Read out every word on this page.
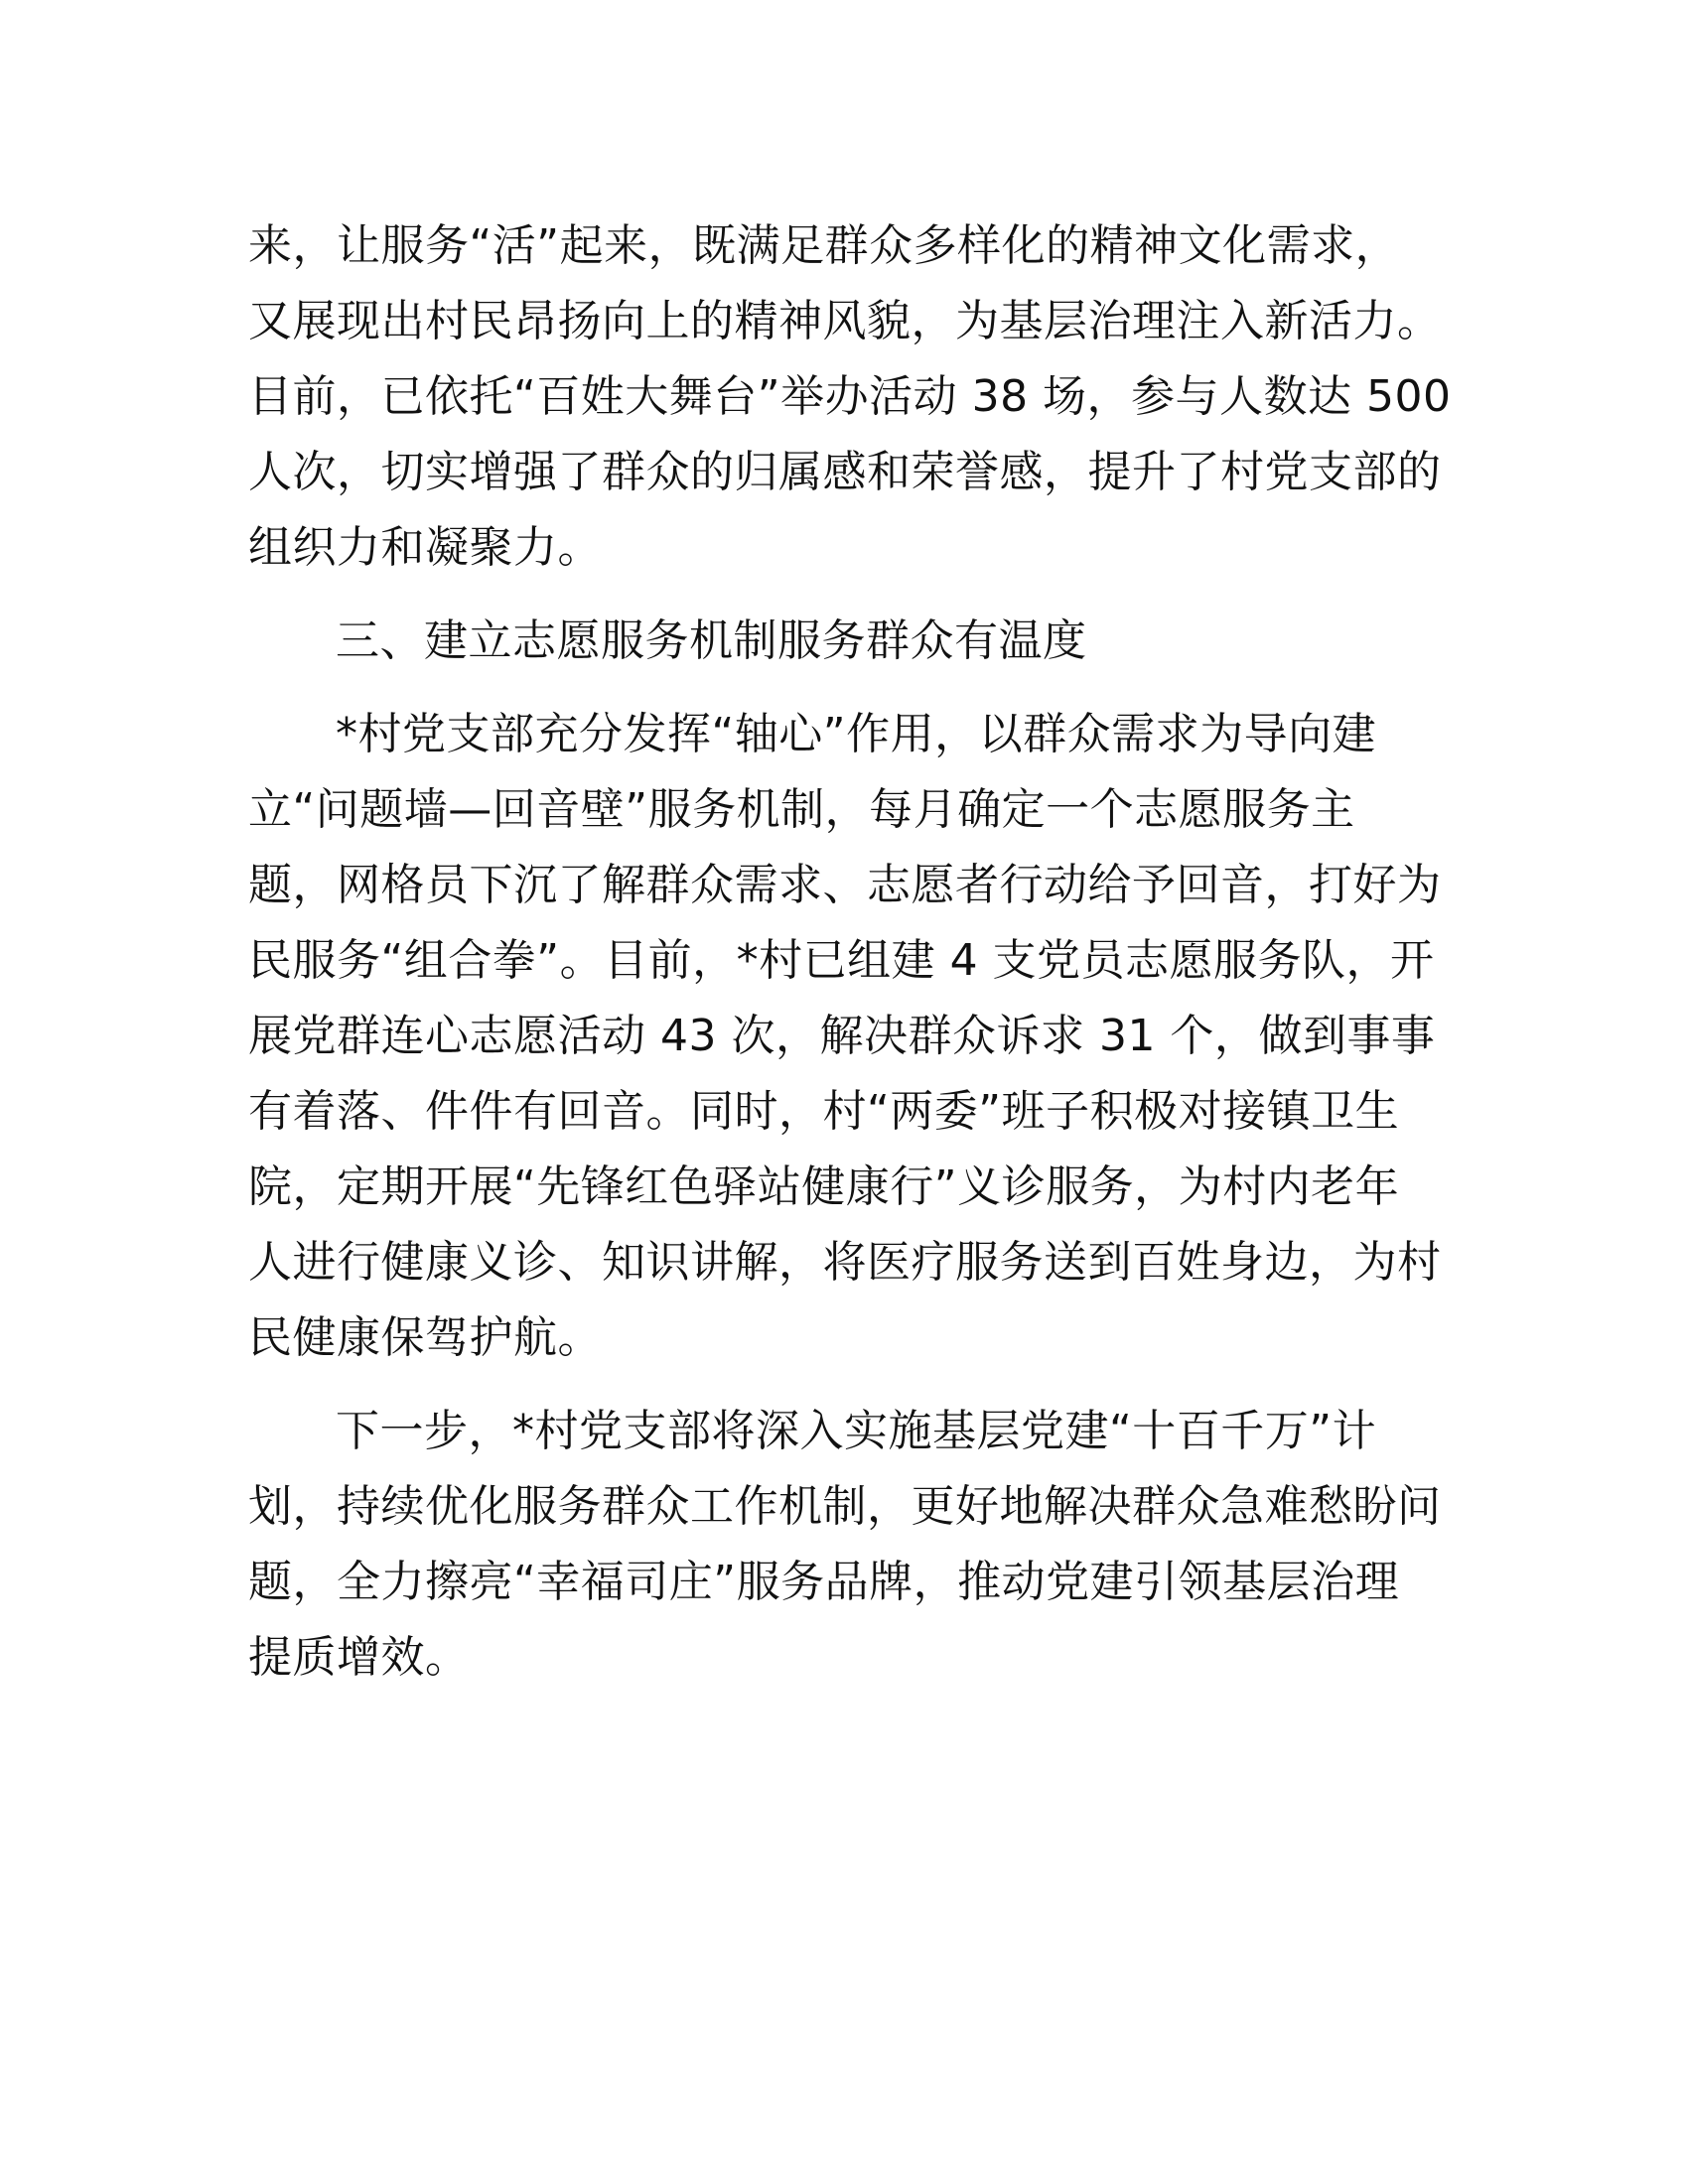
来，让服务“活”起来，既满足群众多样化的精神文化需求，
又展现出村民昂扬向上的精神风貌，为基层治理注入新活力。
目前，已依托“百姓大舞台”举办活动 38 场，参与人数达 500
人次，切实增强了群众的归属感和荣誉感，提升了村党支部的
组织力和凝聚力。
三、建立志愿服务机制服务群众有温度
*村党支部充分发挥“轴心”作用，以群众需求为导向建
立“问题墙—回音壁”服务机制，每月确定一个志愿服务主
题，网格员下沉了解群众需求、志愿者行动给予回音，打好为
民服务“组合拳”。目前，*村已组建 4 支党员志愿服务队，开
展党群连心志愿活动 43 次，解决群众诉求 31 个，做到事事
有着落、件件有回音。同时，村“两委”班子积极对接镇卫生
院，定期开展“先锋红色驿站健康行”义诊服务，为村内老年
人进行健康义诊、知识讲解，将医疗服务送到百姓身边，为村
民健康保驾护航。
下一步，*村党支部将深入实施基层党建“十百千万”计
划，持续优化服务群众工作机制，更好地解决群众急难愁盼问
题，全力擦亮“幸福司庄”服务品牌，推动党建引领基层治理
提质增效。
